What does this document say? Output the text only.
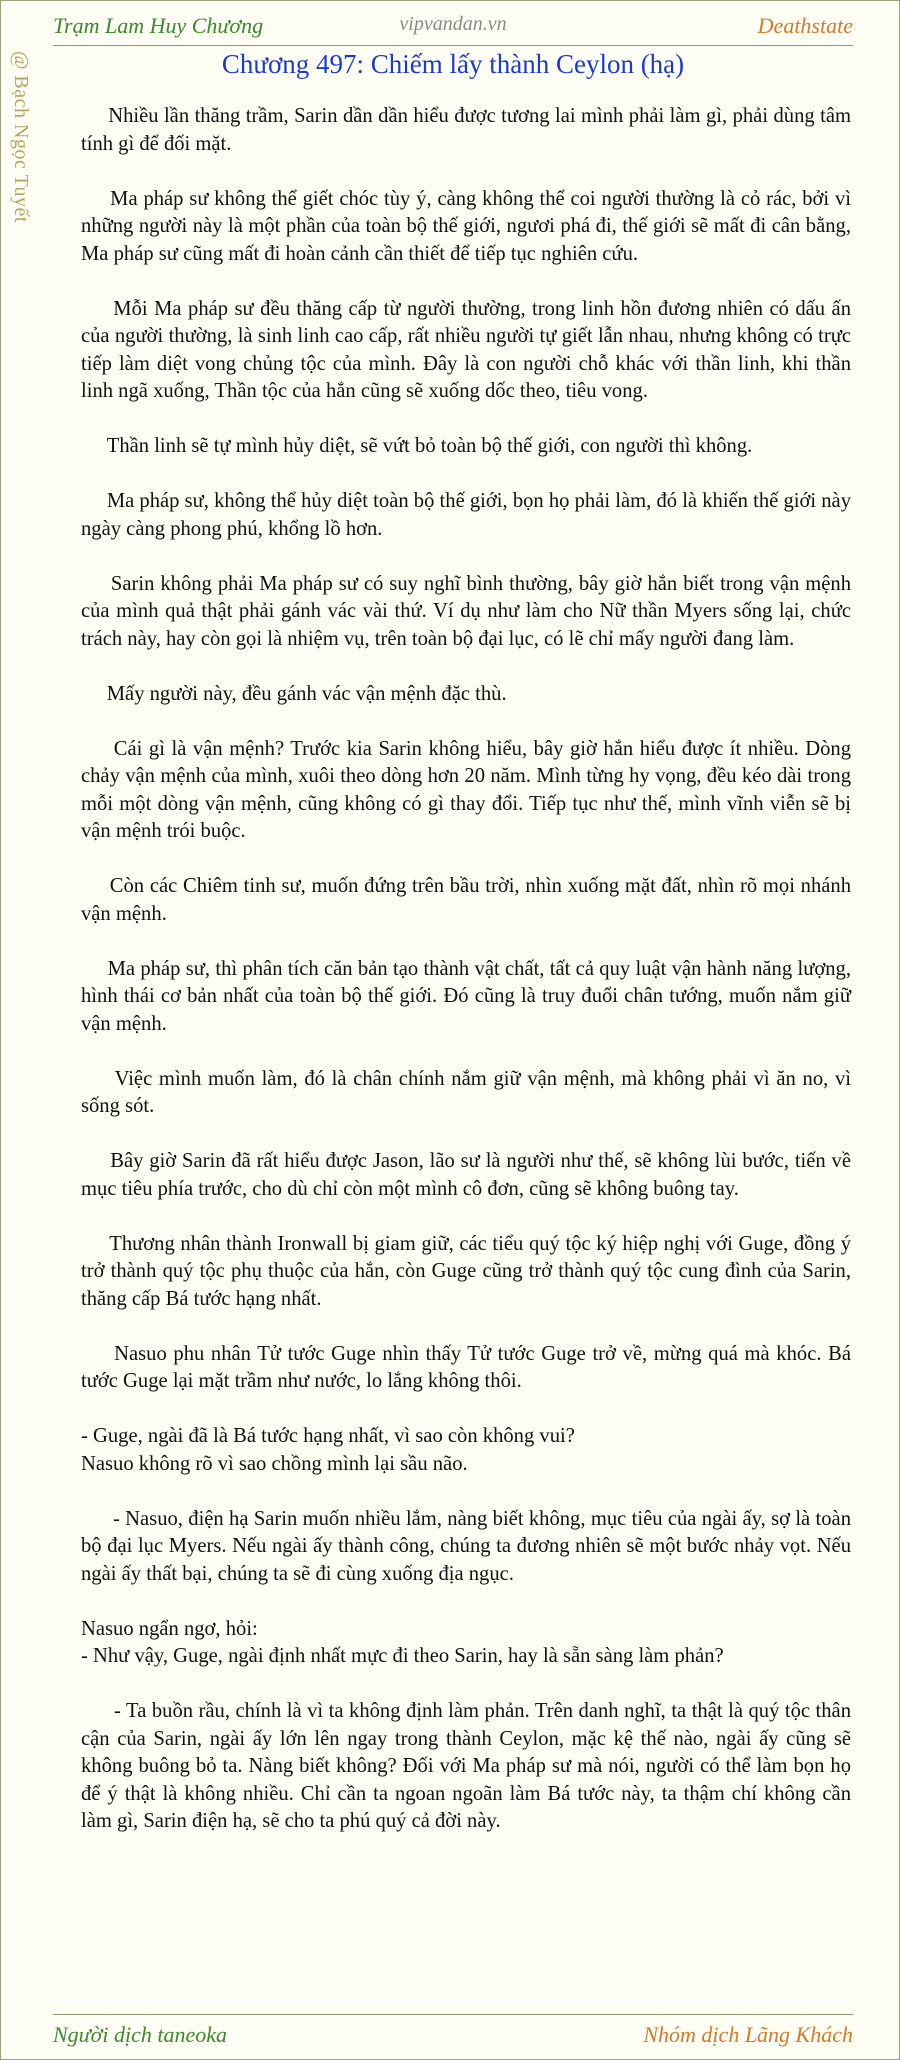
Trạm Lam Huy Chương	vipvandan.vn	Deathstate
@ Bạch Ngọc Tuyết	Chương 497: Chiếm lấy thành Ceylon (hạ)

Nhiều lần thăng trầm, Sarin dần dần hiểu được tương lai mình phải làm gì, phải dùng tâm tính gì để đối mặt.

Ma pháp sư không thể giết chóc tùy ý, càng không thể coi người thường là cỏ rác, bởi vì những người này là một phần của toàn bộ thế giới, ngươi phá đi, thế giới sẽ mất đi cân bằng, Ma pháp sư cũng mất đi hoàn cảnh cần thiết để tiếp tục nghiên cứu.

Mỗi Ma pháp sư đều thăng cấp từ người thường, trong linh hồn đương nhiên có dấu ấn của người thường, là sinh linh cao cấp, rất nhiều người tự giết lẫn nhau, nhưng không có trực tiếp làm diệt vong chủng tộc của mình. Đây là con người chỗ khác với thần linh, khi thần linh ngã xuống, Thần tộc của hắn cũng sẽ xuống dốc theo, tiêu vong.

Thần linh sẽ tự mình hủy diệt, sẽ vứt bỏ toàn bộ thế giới, con người thì không.

Ma pháp sư, không thể hủy diệt toàn bộ thế giới, bọn họ phải làm, đó là khiến thế giới này ngày càng phong phú, khổng lồ hơn.

Sarin không phải Ma pháp sư có suy nghĩ bình thường, bây giờ hắn biết trong vận mệnh của mình quả thật phải gánh vác vài thứ. Ví dụ như làm cho Nữ thần Myers sống lại, chức trách này, hay còn gọi là nhiệm vụ, trên toàn bộ đại lục, có lẽ chỉ mấy người đang làm.

Mấy người này, đều gánh vác vận mệnh đặc thù.

Cái gì là vận mệnh? Trước kia Sarin không hiểu, bây giờ hắn hiểu được ít nhiều. Dòng chảy vận mệnh của mình, xuôi theo dòng hơn 20 năm. Mình từng hy vọng, đều kéo dài trong mỗi một dòng vận mệnh, cũng không có gì thay đổi. Tiếp tục như thế, mình vĩnh viễn sẽ bị vận mệnh trói buộc.

Còn các Chiêm tinh sư, muốn đứng trên bầu trời, nhìn xuống mặt đất, nhìn rõ mọi nhánh vận mệnh.

Ma pháp sư, thì phân tích căn bản tạo thành vật chất, tất cả quy luật vận hành năng lượng, hình thái cơ bản nhất của toàn bộ thế giới. Đó cũng là truy đuổi chân tướng, muốn nắm giữ vận mệnh.

Việc mình muốn làm, đó là chân chính nắm giữ vận mệnh, mà không phải vì ăn no, vì sống sót.

Bây giờ Sarin đã rất hiểu được Jason, lão sư là người như thế, sẽ không lùi bước, tiến về mục tiêu phía trước, cho dù chỉ còn một mình cô đơn, cũng sẽ không buông tay.

Thương nhân thành Ironwall bị giam giữ, các tiểu quý tộc ký hiệp nghị với Guge, đồng ý trở thành quý tộc phụ thuộc của hắn, còn Guge cũng trở thành quý tộc cung đình của Sarin, thăng cấp Bá tước hạng nhất.

Nasuo phu nhân Tử tước Guge nhìn thấy Tử tước Guge trở về, mừng quá mà khóc. Bá tước Guge lại mặt trầm như nước, lo lắng không thôi.

- Guge, ngài đã là Bá tước hạng nhất, vì sao còn không vui?
Nasuo không rõ vì sao chồng mình lại sầu não.

- Nasuo, điện hạ Sarin muốn nhiều lắm, nàng biết không, mục tiêu của ngài ấy, sợ là toàn bộ đại lục Myers. Nếu ngài ấy thành công, chúng ta đương nhiên sẽ một bước nhảy vọt. Nếu ngài ấy thất bại, chúng ta sẽ đi cùng xuống địa ngục.

Nasuo ngẩn ngơ, hỏi:
- Như vậy, Guge, ngài định nhất mực đi theo Sarin, hay là sẵn sàng làm phản?

- Ta buồn rầu, chính là vì ta không định làm phản. Trên danh nghĩ, ta thật là quý tộc thân cận của Sarin, ngài ấy lớn lên ngay trong thành Ceylon, mặc kệ thế nào, ngài ấy cũng sẽ không buông bỏ ta. Nàng biết không? Đối với Ma pháp sư mà nói, người có thể làm bọn họ để ý thật là không nhiều. Chỉ cần ta ngoan ngoãn làm Bá tước này, ta thậm chí không cần làm gì, Sarin điện hạ, sẽ cho ta phú quý cả đời này.

Người dịch taneoka	Nhóm dịch Lãng Khách
